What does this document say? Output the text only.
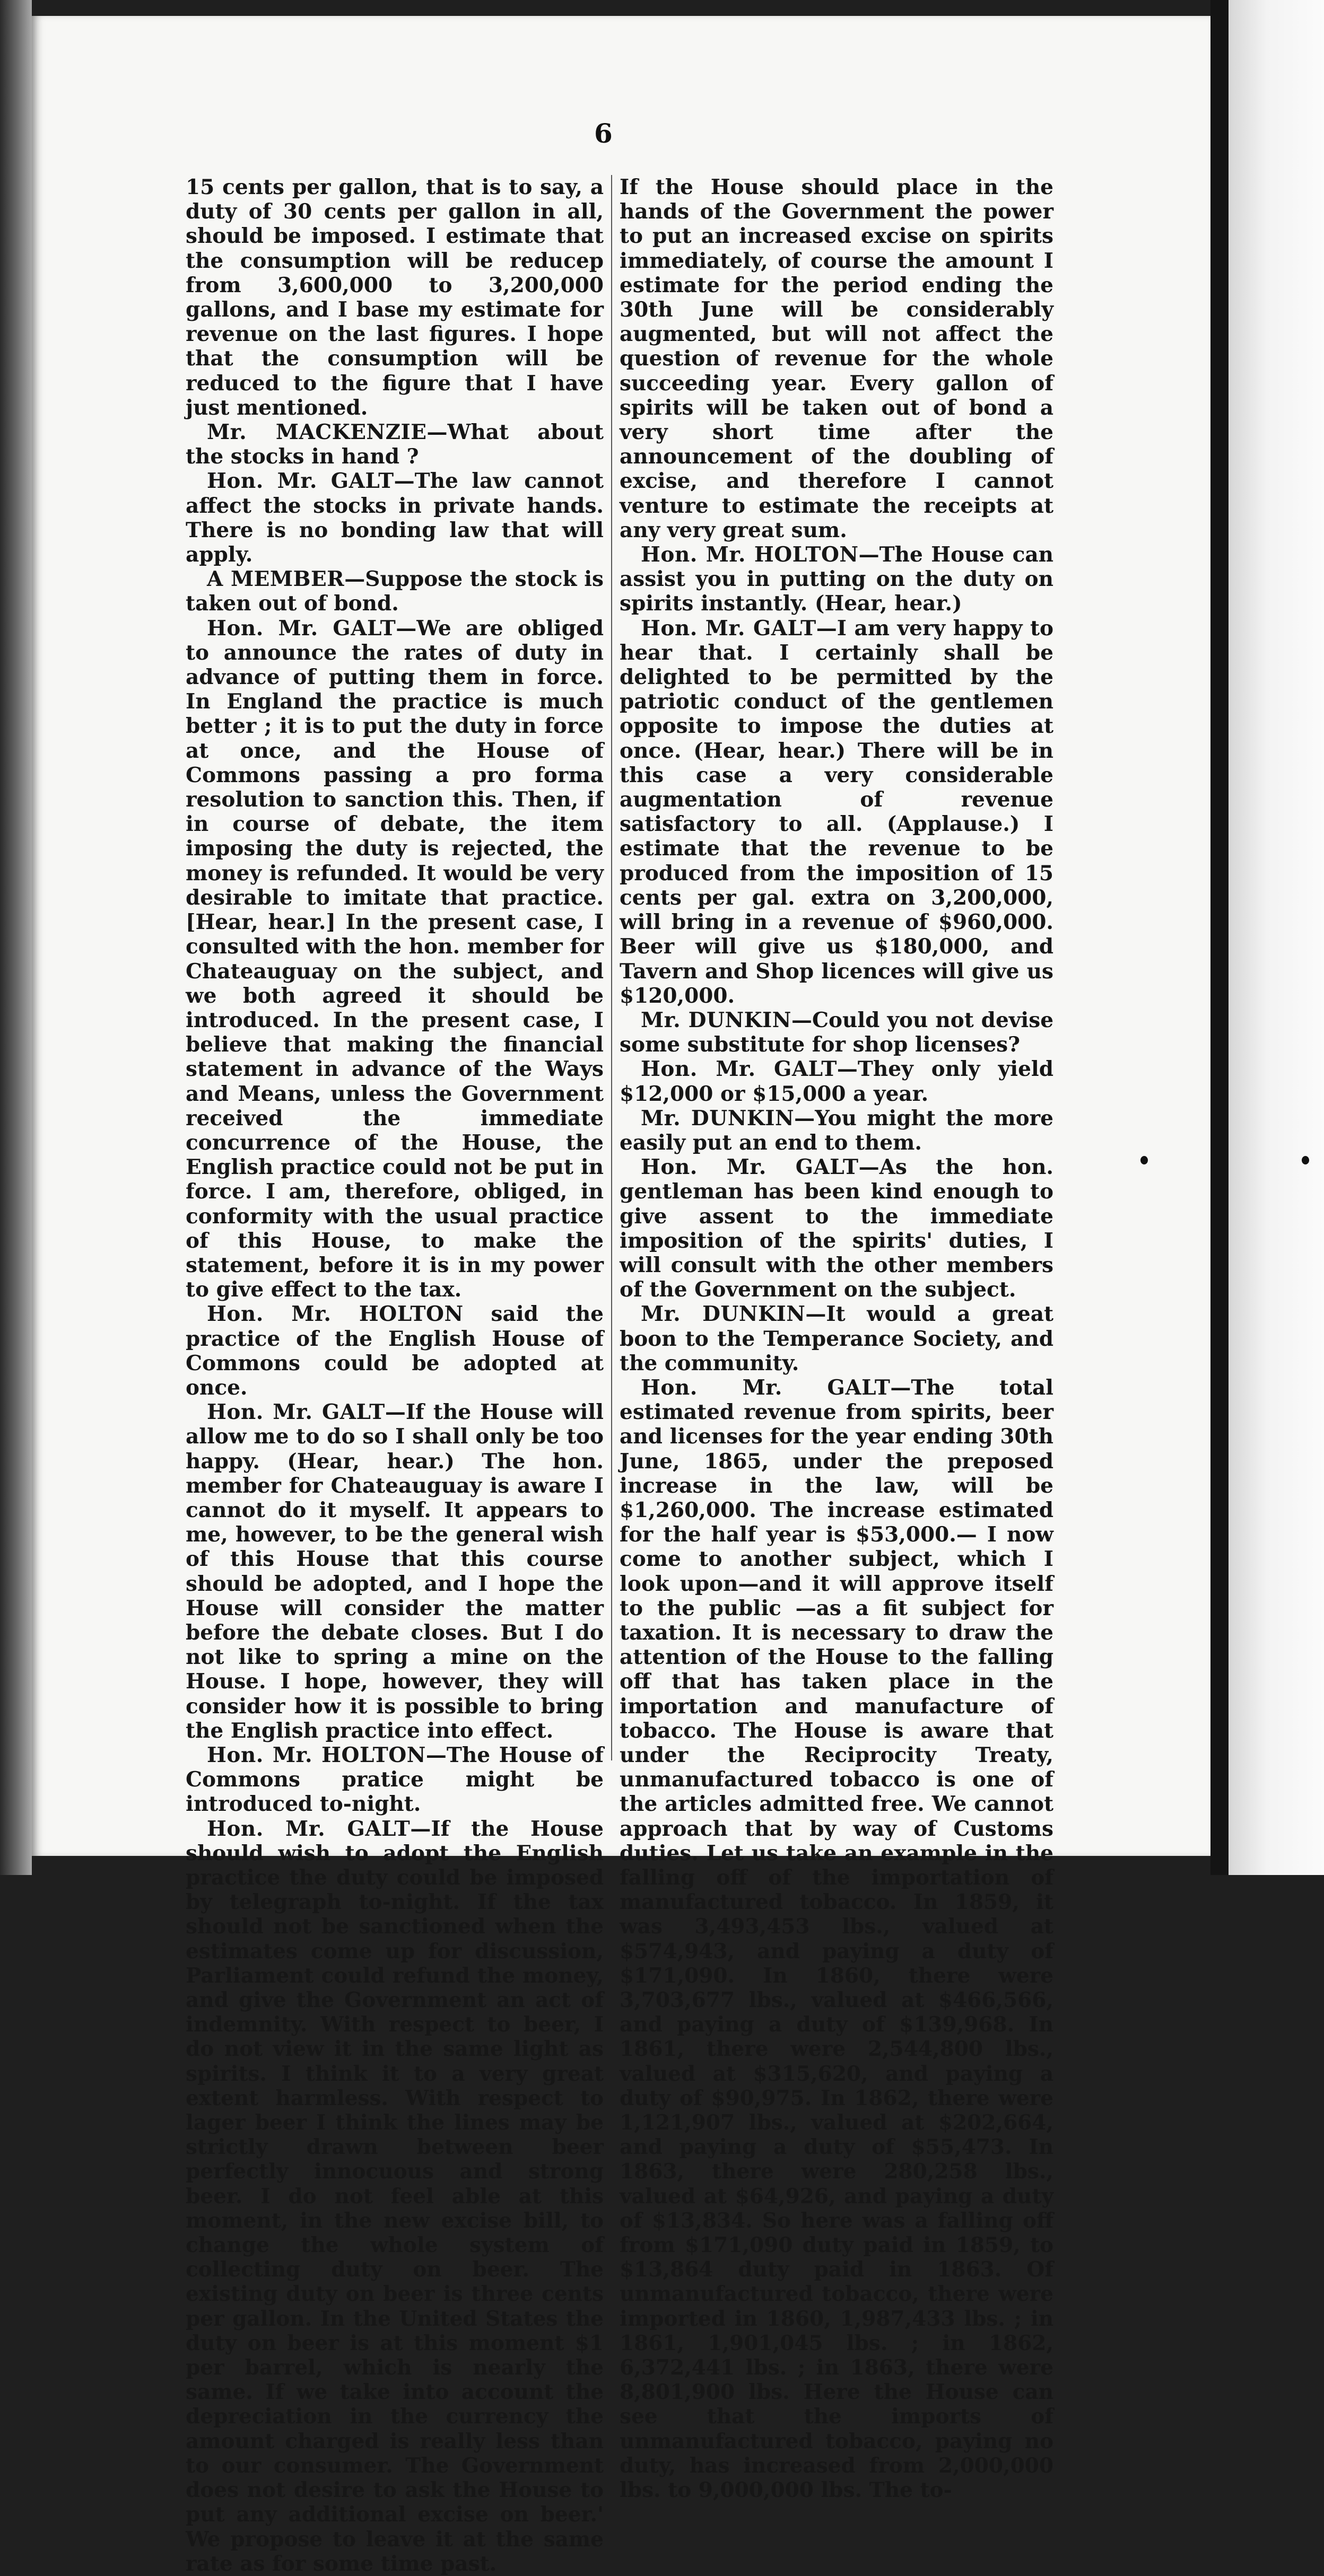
6

15 cents per gallon, that is to say, a duty of 30 cents per gallon in all, should be imposed. I estimate that the consumption will be reducep from 3,600,000 to 3,200,000 gallons, and I base my estimate for revenue on the last figures. I hope that the consumption will be reduced to the figure that I have just mentioned.

Mr. MACKENZIE—What about the stocks in hand ?

Hon. Mr. GALT—The law cannot affect the stocks in private hands. There is no bonding law that will apply.

A MEMBER—Suppose the stock is taken out of bond.

Hon. Mr. GALT—We are obliged to announce the rates of duty in advance of putting them in force. In England the practice is much better ; it is to put the duty in force at once, and the House of Commons passing a pro forma resolution to sanction this. Then, if in course of debate, the item imposing the duty is rejected, the money is refunded. It would be very desirable to imitate that practice. [Hear, hear.] In the present case, I consulted with the hon. member for Chateauguay on the subject, and we both agreed it should be introduced. In the present case, I believe that making the financial statement in advance of the Ways and Means, unless the Government received the immediate concurrence of the House, the English practice could not be put in force. I am, therefore, obliged, in conformity with the usual practice of this House, to make the statement, before it is in my power to give effect to the tax.

Hon. Mr. HOLTON said the practice of the English House of Commons could be adopted at once.

Hon. Mr. GALT—If the House will allow me to do so I shall only be too happy. (Hear, hear.) The hon. member for Chateauguay is aware I cannot do it myself. It appears to me, however, to be the general wish of this House that this course should be adopted, and I hope the House will consider the matter before the debate closes. But I do not like to spring a mine on the House. I hope, however, they will consider how it is possible to bring the English practice into effect.

Hon. Mr. HOLTON—The House of Commons pratice might be introduced to-night.

Hon. Mr. GALT—If the House should wish to adopt the English practice the duty could be imposed by telegraph to-night. If the tax should not be sanctioned when the estimates come up for discussion, Parliament could refund the money, and give the Government an act of indemnity. With respect to beer, I do not view it in the same light as spirits. I think it to a very great extent harmless. With respect to lager beer I think the lines may be strictly drawn between beer perfectly innocuous and strong beer. I do not feel able at this moment, in the new excise bill, to change the whole system of collecting duty on beer. The existing duty on beer is three cents per gallon. In the United States the duty on beer is at this moment $1 per barrel, which is nearly the same. If we take into account the depreciation in the currency the amount charged is really less than to our consumer. The Government does not desire to ask the House to put any additional excise on beer.' We propose to leave it at the same rate as for some time past.

If the House should place in the hands of the Government the power to put an increased excise on spirits immediately, of course the amount I estimate for the period ending the 30th June will be considerably augmented, but will not affect the question of revenue for the whole succeeding year. Every gallon of spirits will be taken out of bond a very short time after the announcement of the doubling of excise, and therefore I cannot venture to estimate the receipts at any very great sum.

Hon. Mr. HOLTON—The House can assist you in putting on the duty on spirits instantly. (Hear, hear.)

Hon. Mr. GALT—I am very happy to hear that. I certainly shall be delighted to be permitted by the patriotic conduct of the gentlemen opposite to impose the duties at once. (Hear, hear.) There will be in this case a very considerable augmentation of revenue satisfactory to all. (Applause.) I estimate that the revenue to be produced from the imposition of 15 cents per gal. extra on 3,200,000, will bring in a revenue of $960,000. Beer will give us $180,000, and Tavern and Shop licences will give us $120,000.

Mr. DUNKIN—Could you not devise some substitute for shop licenses?

Hon. Mr. GALT—They only yield $12,000 or $15,000 a year.

Mr. DUNKIN—You might the more easily put an end to them.

Hon. Mr. GALT—As the hon. gentleman has been kind enough to give assent to the immediate imposition of the spirits' duties, I will consult with the other members of the Government on the subject.

Mr. DUNKIN—It would a great boon to the Temperance Society, and the community.

Hon. Mr. GALT—The total estimated revenue from spirits, beer and licenses for the year ending 30th June, 1865, under the preposed increase in the law, will be $1,260,000. The increase estimated for the half year is $53,000.— I now come to another subject, which I look upon—and it will approve itself to the public —as a fit subject for taxation. It is necessary to draw the attention of the House to the falling off that has taken place in the importation and manufacture of tobacco. The House is aware that under the Reciprocity Treaty, unmanufactured tobacco is one of the articles admitted free. We cannot approach that by way of Customs duties. Let us take an example in the falling off of the importation of manufactured tobacco. In 1859, it was 3,493,453 lbs., valued at $574,943, and paying a duty of $171,090. In 1860, there were 3,703,677 lbs., valued at $466,566, and paying a duty of $139,968. In 1861, there were 2,544,800 lbs., valued at $315,620, and paying a duty of $90,975. In 1862, there were 1,121,907 lbs., valued at $202,664, and paying a duty of $55,473. In 1863, there were 280,258 lbs., valued at $64,926, and paying a duty of $13,834. So here was a falling off from $171,090 duty paid in 1859, to $13,864 duty paid in 1863. Of unmanufactured tobacco, there were imported in 1860, 1,987,433 lbs. ; in 1861, 1,901,045 lbs. ; in 1862, 6,372,441 lbs. ; in 1863, there were 8,801,900 lbs. Here the House can see that the imports of unmanufactured tobacco, paying no duty, has increased from 2,000,000 lbs. to 9,000,000 lbs. The to-
